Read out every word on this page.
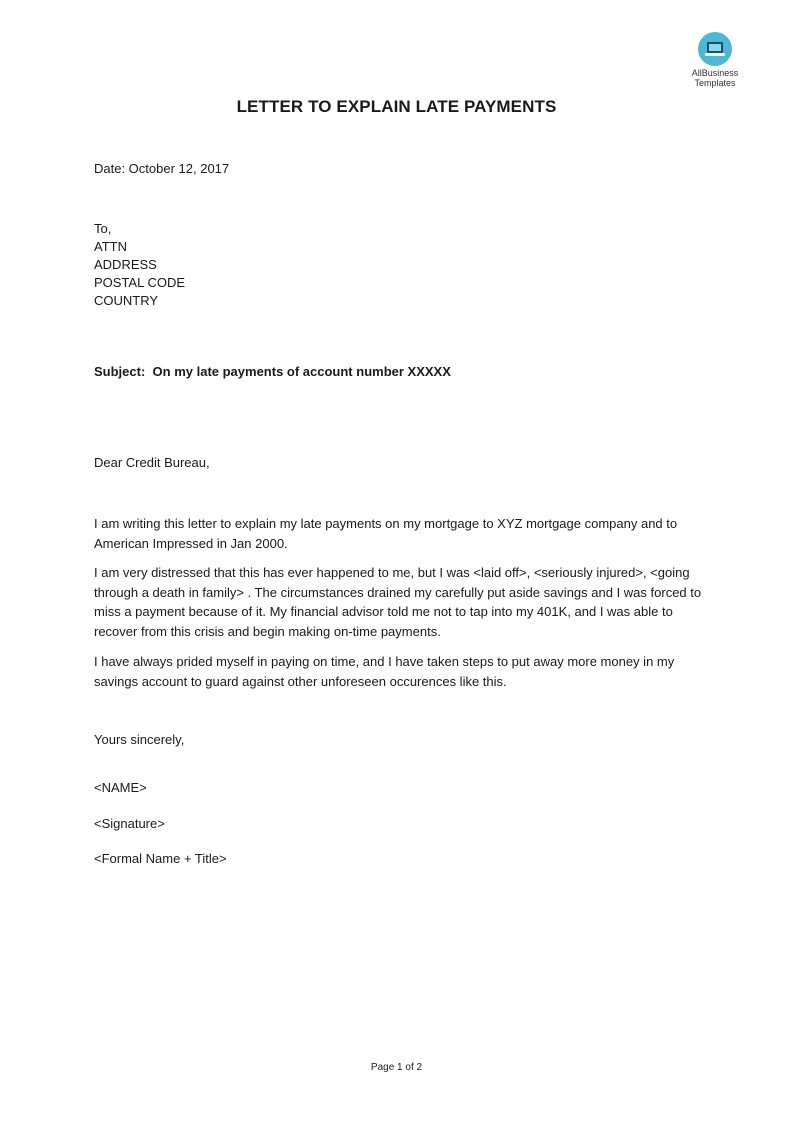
AllBusiness
Templates
LETTER TO EXPLAIN LATE PAYMENTS
Date: October 12, 2017
To,
ATTN
ADDRESS
POSTAL CODE
COUNTRY
Subject: On my late payments of account number XXXXX
Dear Credit Bureau,
I am writing this letter to explain my late payments on my mortgage to XYZ mortgage company and to American Impressed in Jan 2000.
I am very distressed that this has ever happened to me, but I was <laid off>, <seriously injured>, <going through a death in family> . The circumstances drained my carefully put aside savings and I was forced to miss a payment because of it. My financial advisor told me not to tap into my 401K, and I was able to recover from this crisis and begin making on-time payments.
I have always prided myself in paying on time, and I have taken steps to put away more money in my savings account to guard against other unforeseen occurences like this.
Yours sincerely,
<NAME>
<Signature>
<Formal Name + Title>
Page 1 of 2
